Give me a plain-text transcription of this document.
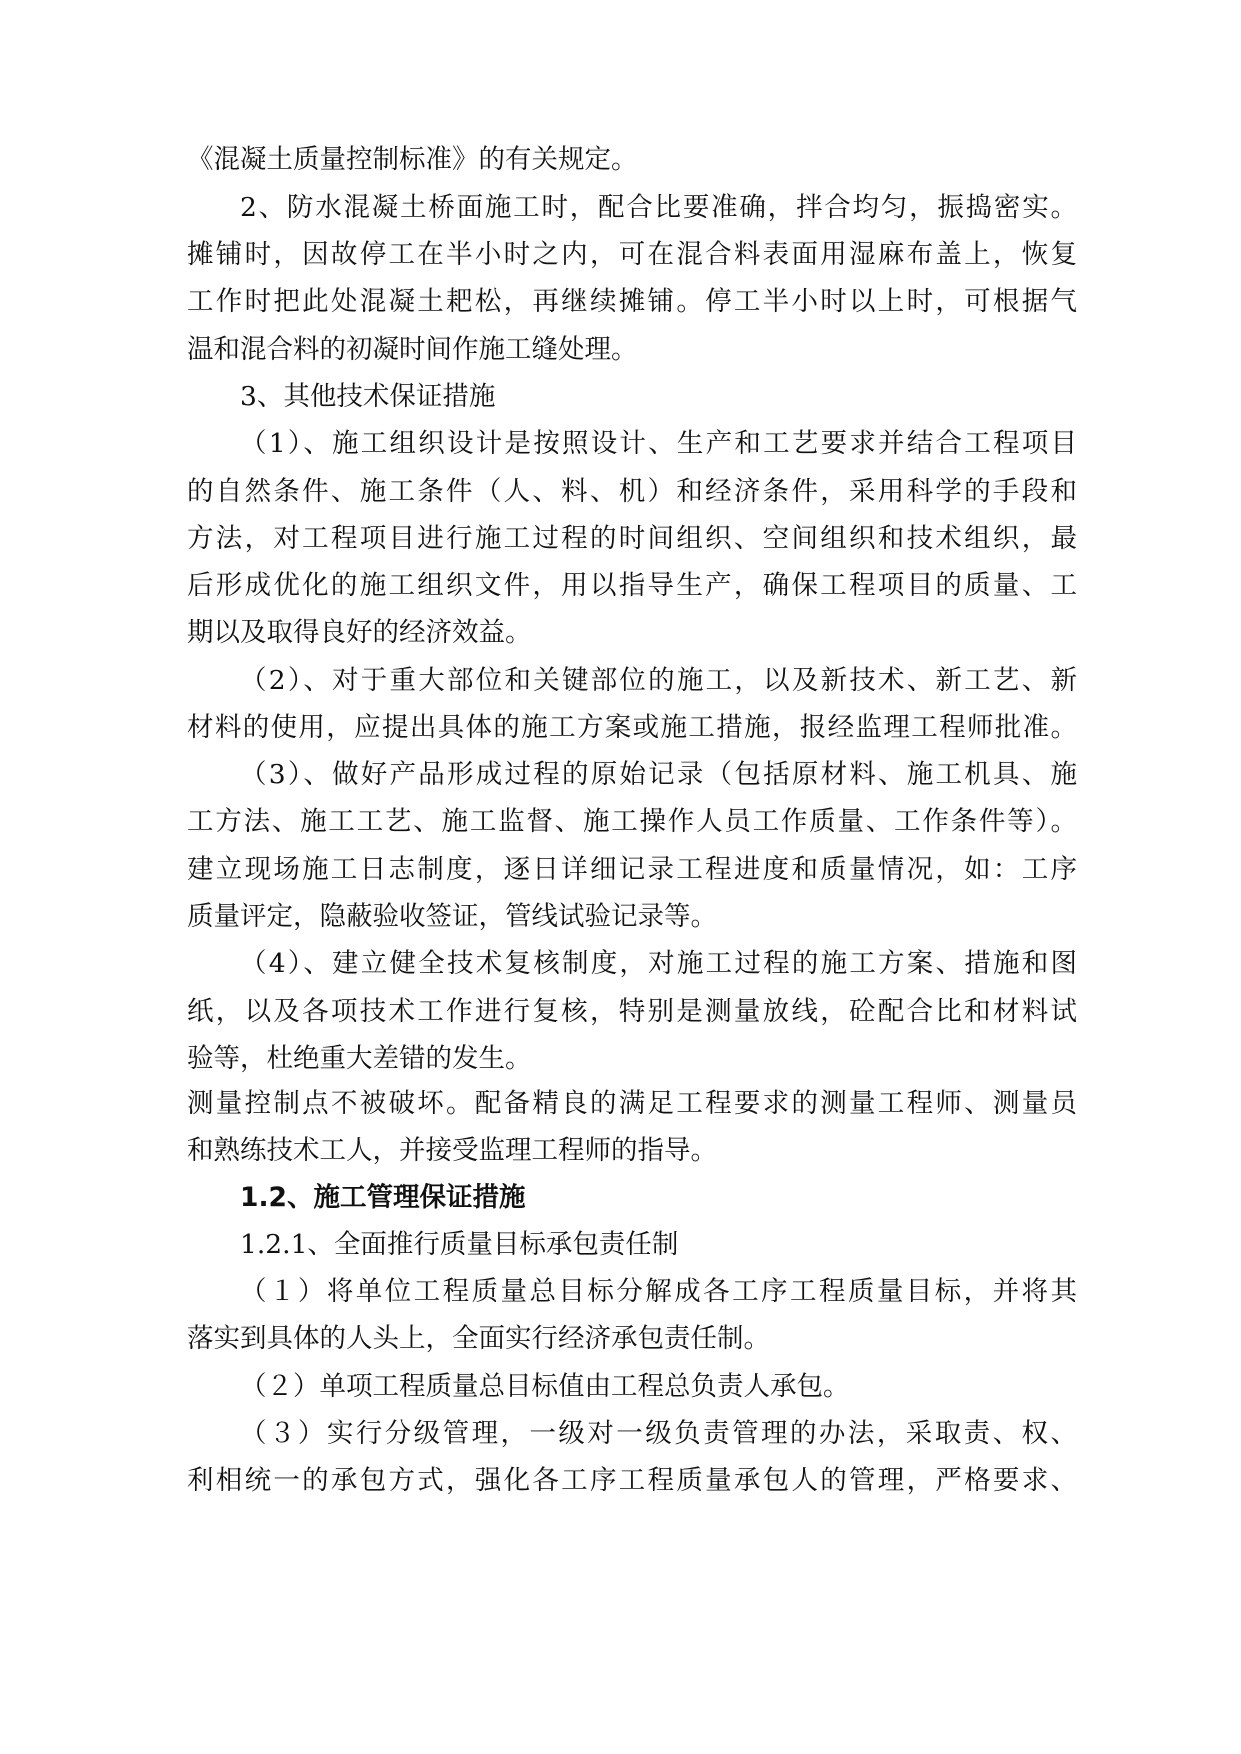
《混凝土质量控制标准》的有关规定。
2、防水混凝土桥面施工时，配合比要准确，拌合均匀，振捣密实。
摊铺时，因故停工在半小时之内，可在混合料表面用湿麻布盖上，恢复
工作时把此处混凝土耙松，再继续摊铺。停工半小时以上时，可根据气
温和混合料的初凝时间作施工缝处理。
3、其他技术保证措施
（1）、施工组织设计是按照设计、生产和工艺要求并结合工程项目
的自然条件、施工条件（人、料、机）和经济条件，采用科学的手段和
方法，对工程项目进行施工过程的时间组织、空间组织和技术组织，最
后形成优化的施工组织文件，用以指导生产，确保工程项目的质量、工
期以及取得良好的经济效益。
（2）、对于重大部位和关键部位的施工，以及新技术、新工艺、新
材料的使用，应提出具体的施工方案或施工措施，报经监理工程师批准。
（3）、做好产品形成过程的原始记录（包括原材料、施工机具、施
工方法、施工工艺、施工监督、施工操作人员工作质量、工作条件等）。
建立现场施工日志制度，逐日详细记录工程进度和质量情况，如：工序
质量评定，隐蔽验收签证，管线试验记录等。
（4）、建立健全技术复核制度，对施工过程的施工方案、措施和图
纸，以及各项技术工作进行复核，特别是测量放线，砼配合比和材料试
验等，杜绝重大差错的发生。
测量控制点不被破坏。配备精良的满足工程要求的测量工程师、测量员
和熟练技术工人，并接受监理工程师的指导。
1.2、施工管理保证措施
1.2.1、全面推行质量目标承包责任制
（１）将单位工程质量总目标分解成各工序工程质量目标，并将其
落实到具体的人头上，全面实行经济承包责任制。
（２）单项工程质量总目标值由工程总负责人承包。
（３）实行分级管理，一级对一级负责管理的办法，采取责、权、
利相统一的承包方式，强化各工序工程质量承包人的管理，严格要求、
